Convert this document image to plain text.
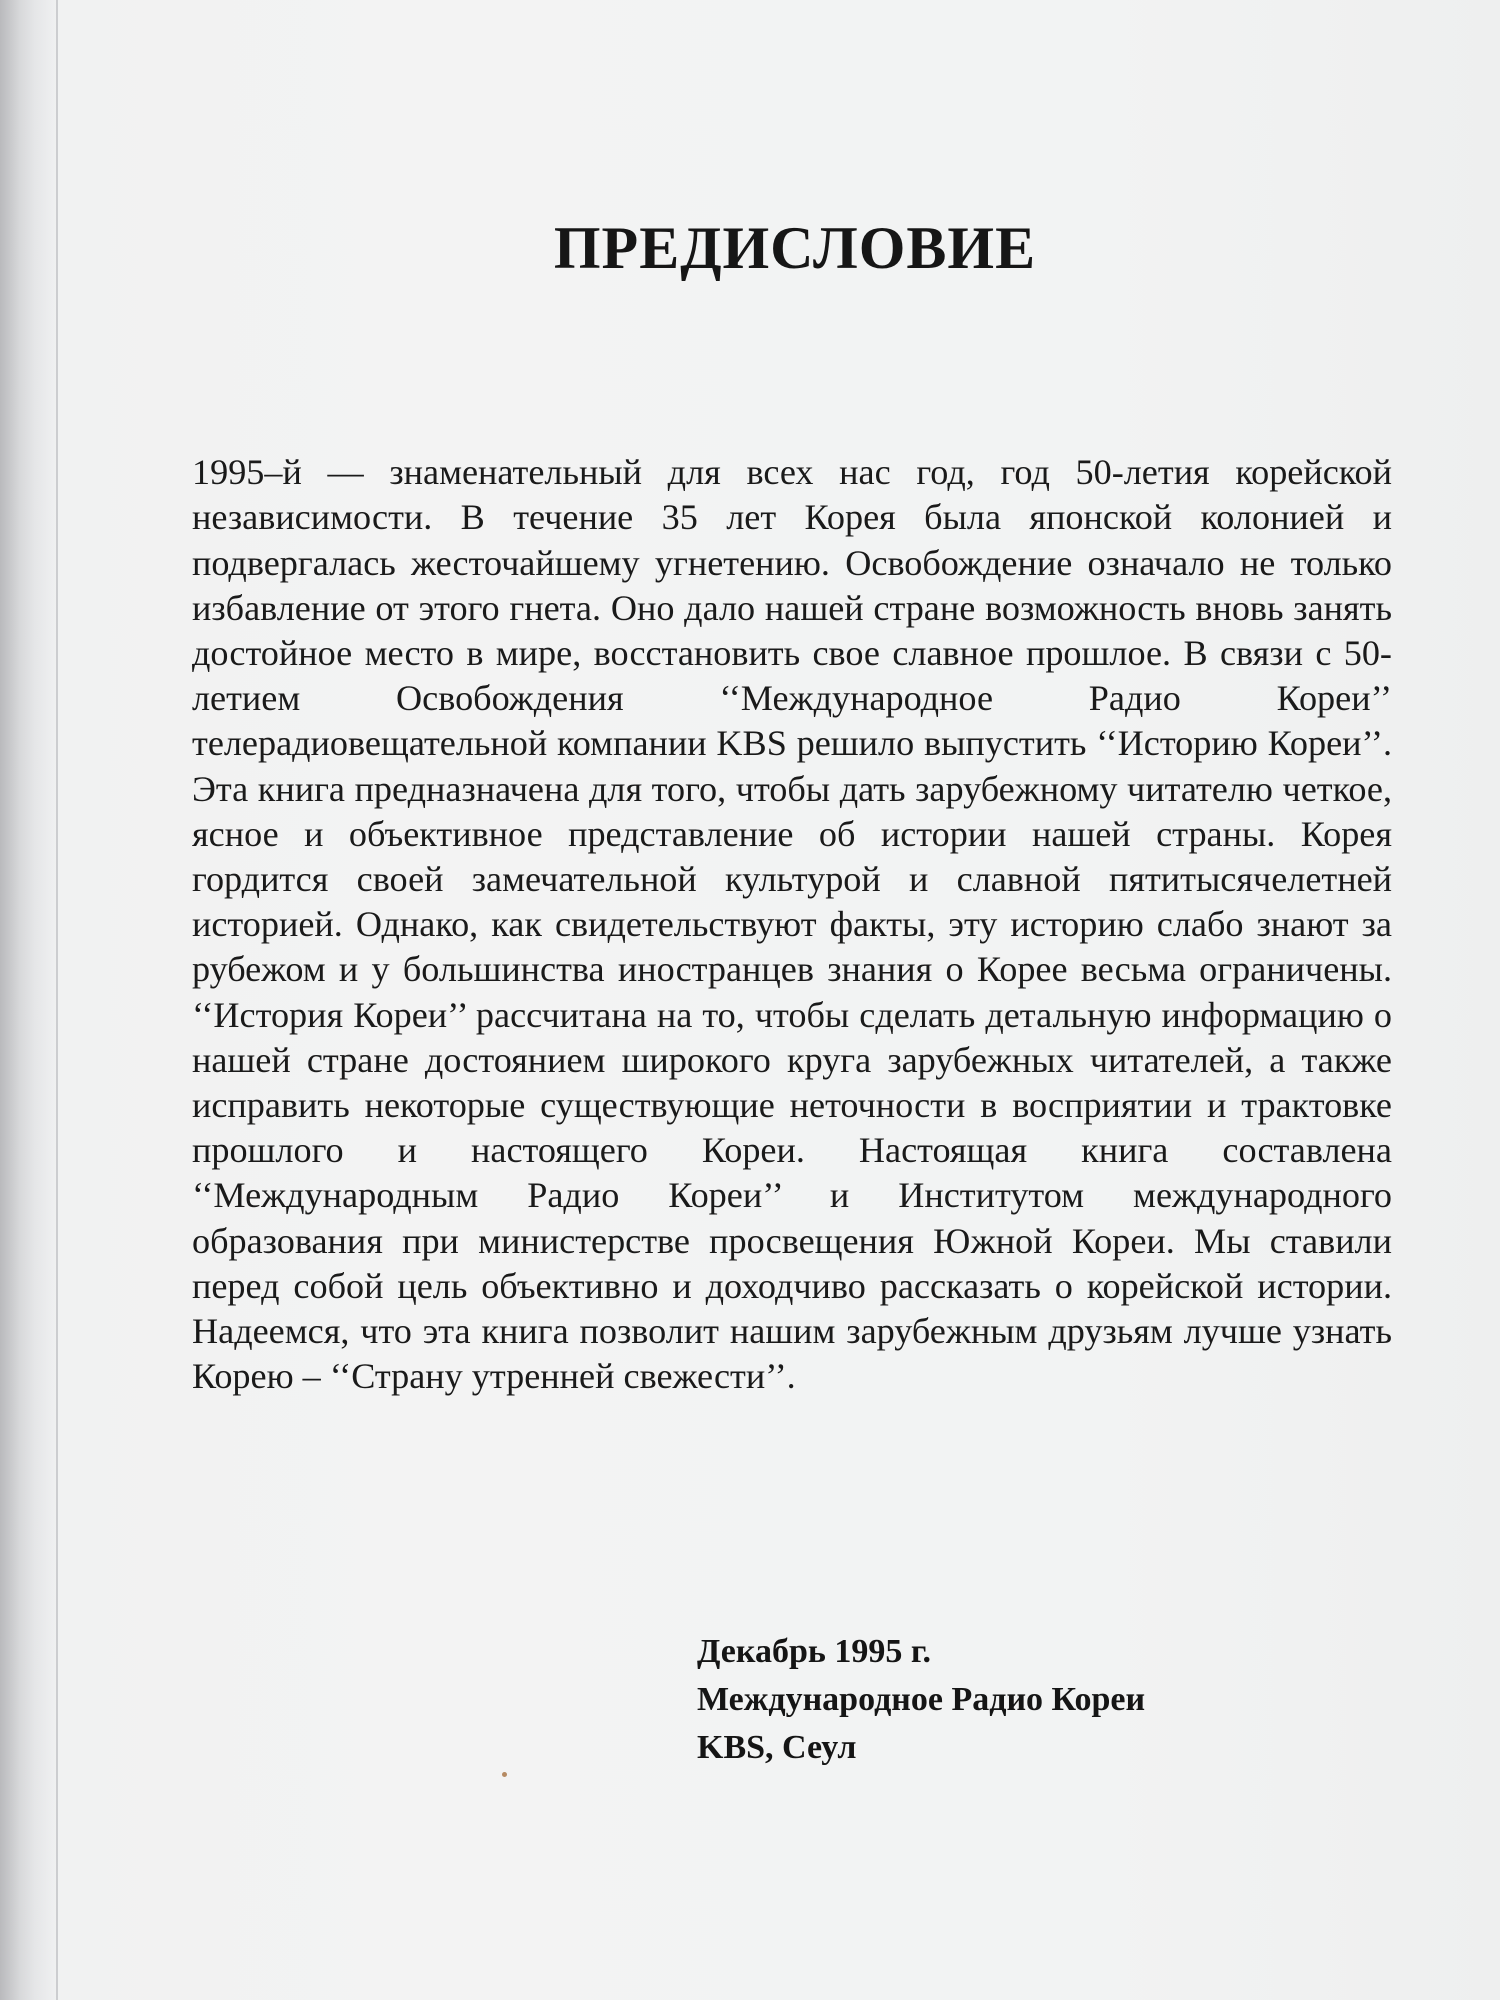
ПРЕДИСЛОВИЕ

1995–й — знаменательный для всех нас год, год 50-летия корейской независимости. В течение 35 лет Корея была японской колонией и подвергалась жесточайшему угнетению. Освобождение означало не только избавление от этого гнета. Оно дало нашей стране возможность вновь занять достойное место в мире, восстановить свое славное прошлое. В связи с 50-летием Освобождения ‘‘Международное Радио Кореи’’ телерадиовещательной компании KBS решило выпустить ‘‘Историю Кореи’’. Эта книга предназначена для того, чтобы дать зарубежному читателю четкое, ясное и объективное представление об истории нашей страны. Корея гордится своей замечательной культурой и славной пятитысячелетней историей. Однако, как свидетельствуют факты, эту историю слабо знают за рубежом и у большинства иностранцев знания о Корее весьма ограничены. ‘‘История Кореи’’ рассчитана на то, чтобы сделать детальную информацию о нашей стране достоянием широкого круга зарубежных читателей, а также исправить некоторые существующие неточности в восприятии и трактовке прошлого и настоящего Кореи. Настоящая книга составлена ‘‘Международным Радио Кореи’’ и Институтом международного образования при министерстве просвещения Южной Кореи. Мы ставили перед собой цель объективно и доходчиво рассказать о корейской истории. Надеемся, что эта книга позволит нашим зарубежным друзьям лучше узнать Корею – ‘‘Страну утренней свежести’’.

Декабрь 1995 г.
Международное Радио Кореи
KBS, Сеул
